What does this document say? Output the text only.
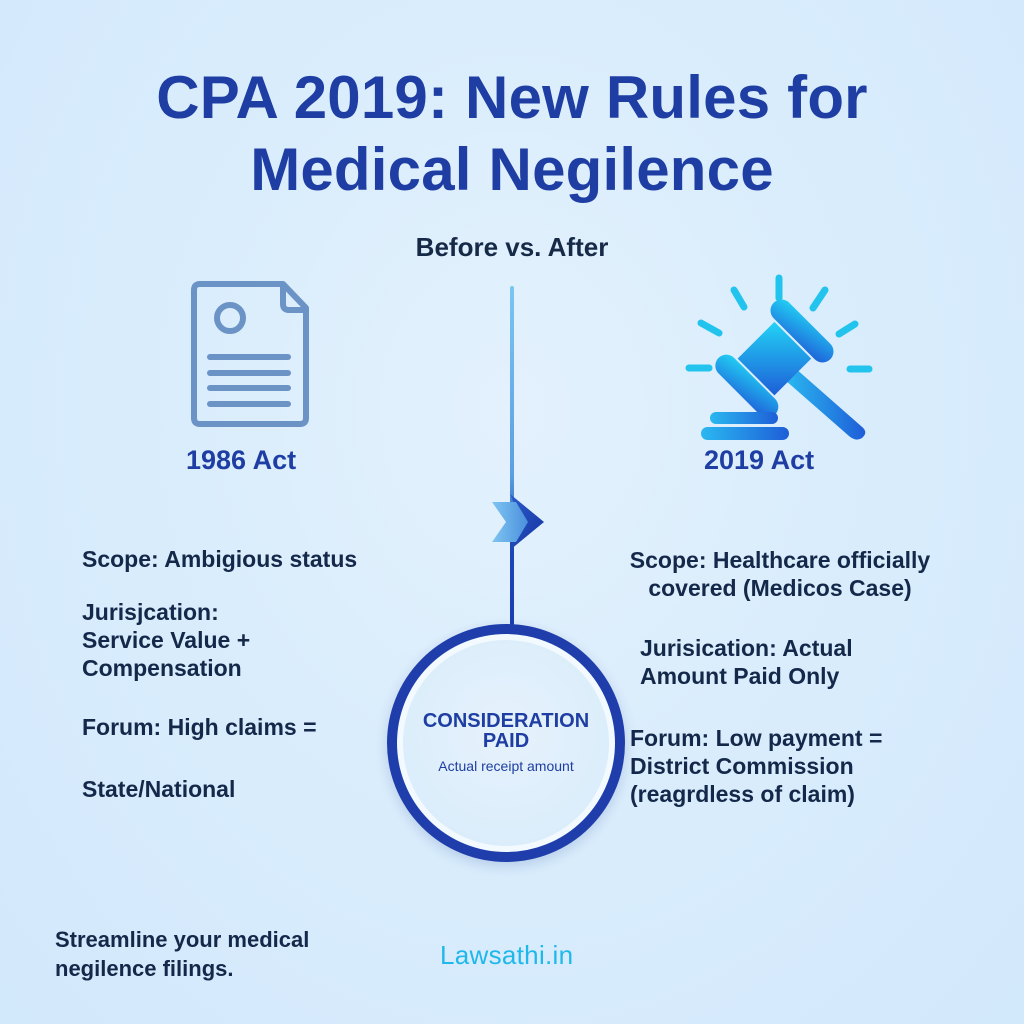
CPA 2019: New Rules for
Medical Negilence
Before vs. After
1986 Act	2019 Act
Scope: Ambigious status
Jurisjcation:
Service Value +
Compensation
Forum: High claims =
State/National
Scope: Healthcare officially
covered (Medicos Case)
Jurisication: Actual
Amount Paid Only
Forum: Low payment =
District Commission
(reagrdless of claim)
CONSIDERATION
PAID
Actual receipt amount
Streamline your medical
negilence filings.	Lawsathi.in
